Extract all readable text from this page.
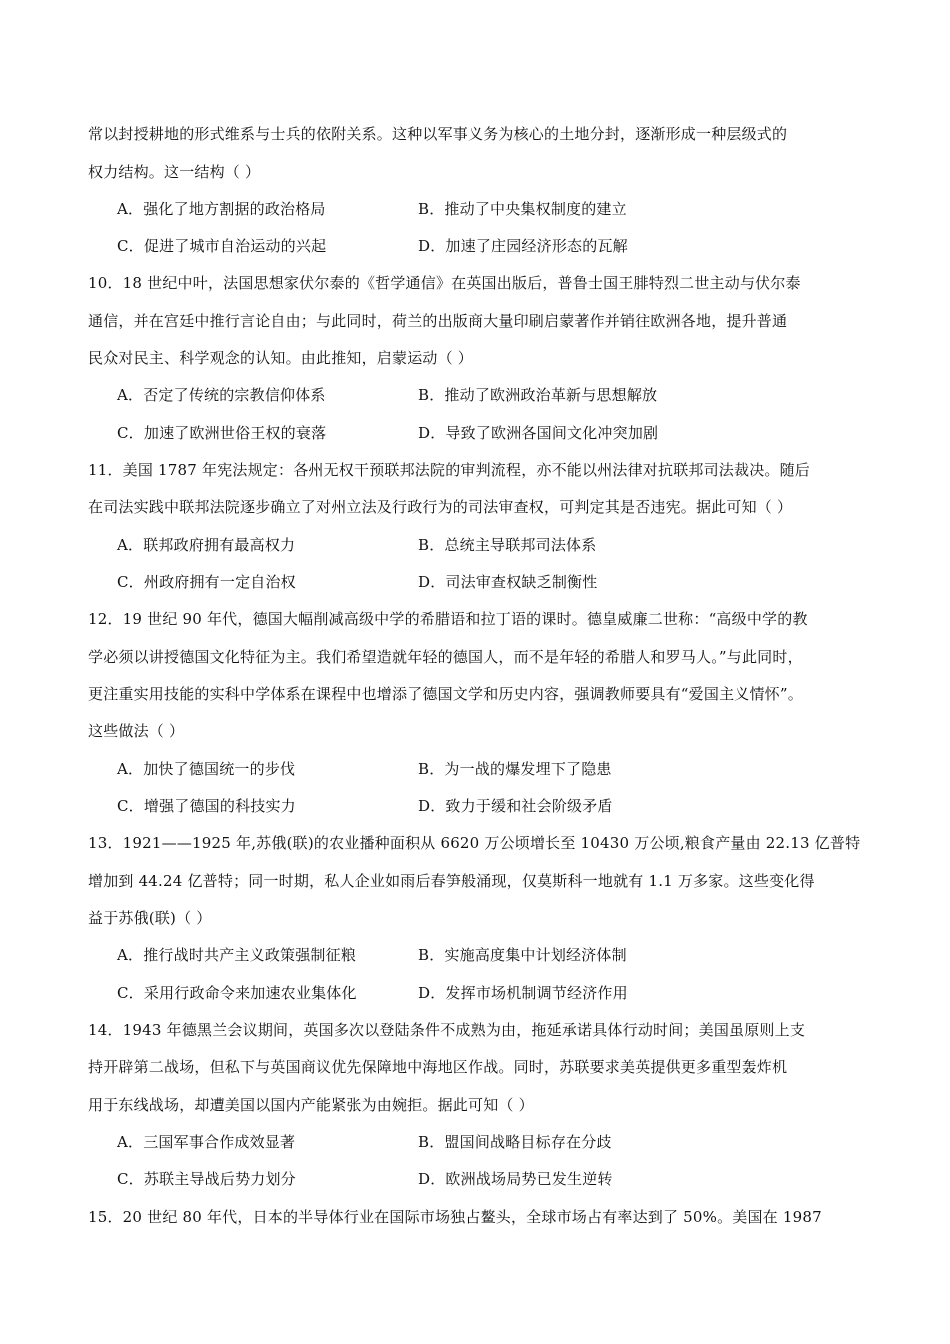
常以封授耕地的形式维系与士兵的依附关系。这种以军事义务为核心的土地分封，逐渐形成一种层级式的
权力结构。这一结构（ ）
A．强化了地方割据的政治格局	B．推动了中央集权制度的建立
C．促进了城市自治运动的兴起	D．加速了庄园经济形态的瓦解
10．18 世纪中叶，法国思想家伏尔泰的《哲学通信》在英国出版后，普鲁士国王腓特烈二世主动与伏尔泰
通信，并在宫廷中推行言论自由；与此同时，荷兰的出版商大量印刷启蒙著作并销往欧洲各地，提升普通
民众对民主、科学观念的认知。由此推知，启蒙运动（ ）
A．否定了传统的宗教信仰体系	B．推动了欧洲政治革新与思想解放
C．加速了欧洲世俗王权的衰落	D．导致了欧洲各国间文化冲突加剧
11．美国 1787 年宪法规定：各州无权干预联邦法院的审判流程，亦不能以州法律对抗联邦司法裁决。随后
在司法实践中联邦法院逐步确立了对州立法及行政行为的司法审查权，可判定其是否违宪。据此可知（ ）
A．联邦政府拥有最高权力	B．总统主导联邦司法体系
C．州政府拥有一定自治权	D．司法审查权缺乏制衡性
12．19 世纪 90 年代，德国大幅削减高级中学的希腊语和拉丁语的课时。德皇威廉二世称：“高级中学的教
学必须以讲授德国文化特征为主。我们希望造就年轻的德国人，而不是年轻的希腊人和罗马人。”与此同时，
更注重实用技能的实科中学体系在课程中也增添了德国文学和历史内容，强调教师要具有“爱国主义情怀”。
这些做法（ ）
A．加快了德国统一的步伐	B．为一战的爆发埋下了隐患
C．增强了德国的科技实力	D．致力于缓和社会阶级矛盾
13．1921——1925 年,苏俄(联)的农业播种面积从 6620 万公顷增长至 10430 万公顷,粮食产量由 22.13 亿普特
增加到 44.24 亿普特；同一时期，私人企业如雨后春笋般涌现，仅莫斯科一地就有 1.1 万多家。这些变化得
益于苏俄(联)（ ）
A．推行战时共产主义政策强制征粮	B．实施高度集中计划经济体制
C．采用行政命令来加速农业集体化	D．发挥市场机制调节经济作用
14．1943 年德黑兰会议期间，英国多次以登陆条件不成熟为由，拖延承诺具体行动时间；美国虽原则上支
持开辟第二战场，但私下与英国商议优先保障地中海地区作战。同时，苏联要求美英提供更多重型轰炸机
用于东线战场，却遭美国以国内产能紧张为由婉拒。据此可知（ ）
A．三国军事合作成效显著	B．盟国间战略目标存在分歧
C．苏联主导战后势力划分	D．欧洲战场局势已发生逆转
15．20 世纪 80 年代，日本的半导体行业在国际市场独占鳌头，全球市场占有率达到了 50%。美国在 1987
